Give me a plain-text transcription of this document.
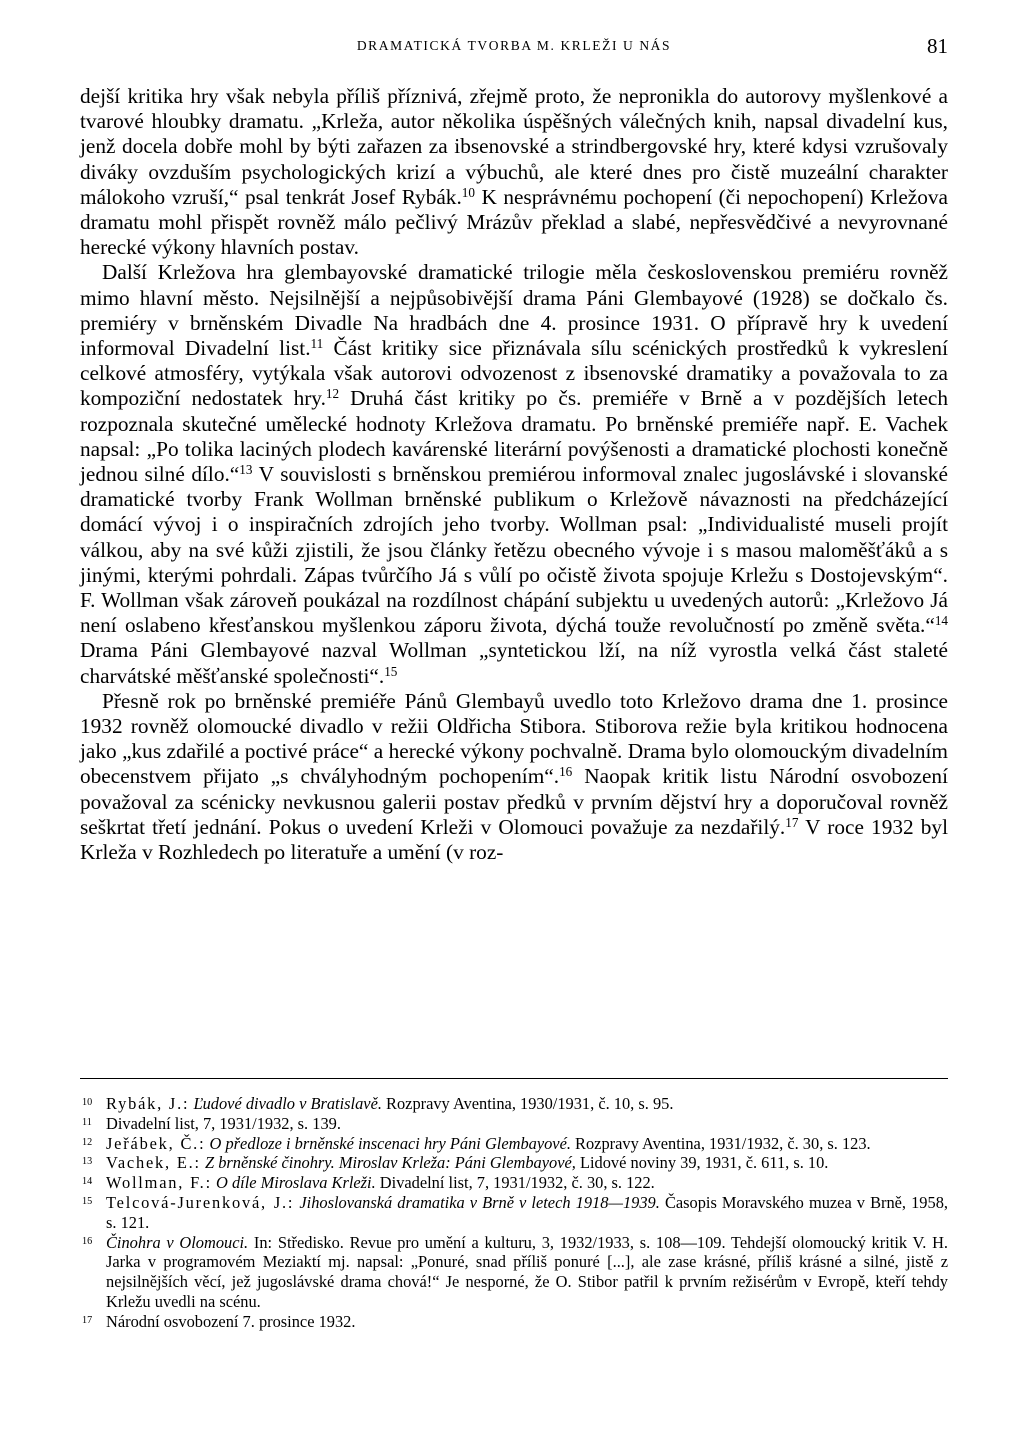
DRAMATICKÁ TVORBA M. KRLEŽI U NÁS	81

dejší kritika hry však nebyla příliš příznivá, zřejmě proto, že nepronikla do autorovy myšlenkové a tvarové hloubky dramatu. „Krleža, autor několika úspěšných válečných knih, napsal divadelní kus, jenž docela dobře mohl by býti zařazen za ibsenovské a strindbergovské hry, které kdysi vzrušovaly diváky ovzduším psychologických krizí a výbuchů, ale které dnes pro čistě muzeální charakter málokoho vzruší,“ psal tenkrát Josef Rybák.$^{10}$ K nesprávnému pochopení (či nepochopení) Krležova dramatu mohl přispět rovněž málo pečlivý Mrázův překlad a slabé, nepřesvědčivé a nevyrovnané herecké výkony hlavních postav.

Další Krležova hra glembayovské dramatické trilogie měla československou premiéru rovněž mimo hlavní město. Nejsilnější a nejpůsobivější drama Páni Glembayové (1928) se dočkalo čs. premiéry v brněnském Divadle Na hradbách dne 4. prosince 1931. O přípravě hry k uvedení informoval Divadelní list.$^{11}$ Část kritiky sice přiznávala sílu scénických prostředků k vykreslení celkové atmosféry, vytýkala však autorovi odvozenost z ibsenovské dramatiky a považovala to za kompoziční nedostatek hry.$^{12}$ Druhá část kritiky po čs. premiéře v Brně a v pozdějších letech rozpoznala skutečné umělecké hodnoty Krležova dramatu. Po brněnské premiéře např. E. Vachek napsal: „Po tolika laciných plodech kavárenské literární povýšenosti a dramatické plochosti konečně jednou silné dílo.“$^{13}$ V souvislosti s brněnskou premiérou informoval znalec jugoslávské i slovanské dramatické tvorby Frank Wollman brněnské publikum o Krležově návaznosti na předcházející domácí vývoj i o inspiračních zdrojích jeho tvorby. Wollman psal: „Individualisté museli projít válkou, aby na své kůži zjistili, že jsou články řetězu obecného vývoje i s masou maloměšťáků a s jinými, kterými pohrdali. Zápas tvůrčího Já s vůlí po očistě života spojuje Krležu s Dostojevským“. F. Wollman však zároveň poukázal na rozdílnost chápání subjektu u uvedených autorů: „Krležovo Já není oslabeno křesťanskou myšlenkou záporu života, dýchá touže revolučností po změně světa.“$^{14}$ Drama Páni Glembayové nazval Wollman „syntetickou lží, na níž vyrostla velká část staleté charvátské měšťanské společnosti“.$^{15}$

Přesně rok po brněnské premiéře Pánů Glembayů uvedlo toto Krležovo drama dne 1. prosince 1932 rovněž olomoucké divadlo v režii Oldřicha Stibora. Stiborova režie byla kritikou hodnocena jako „kus zdařilé a poctivé práce“ a herecké výkony pochvalně. Drama bylo olomouckým divadelním obecenstvem přijato „s chvályhodným pochopením“.$^{16}$ Naopak kritik listu Národní osvobození považoval za scénicky nevkusnou galerii postav předků v prvním dějství hry a doporučoval rovněž seškrtat třetí jednání. Pokus o uvedení Krleži v Olomouci považuje za nezdařilý.$^{17}$ V roce 1932 byl Krleža v Rozhledech po literatuře a umění (v roz-

$^{10}$ Rybák, J.: Ľudové divadlo v Bratislavě. Rozpravy Aventina, 1930/1931, č. 10, s. 95.

$^{11}$ Divadelní list, 7, 1931/1932, s. 139.

$^{12}$ Jeřábek, Č.: O předloze i brněnské inscenaci hry Páni Glembayové. Rozpravy Aventina, 1931/1932, č. 30, s. 123.

$^{13}$ Vachek, E.: Z brněnské činohry. Miroslav Krleža: Páni Glembayové, Lidové noviny 39, 1931, č. 611, s. 10.

$^{14}$ Wollman, F.: O díle Miroslava Krleži. Divadelní list, 7, 1931/1932, č. 30, s. 122.

$^{15}$ Telcová-Jurenková, J.: Jihoslovanská dramatika v Brně v letech 1918—1939. Časopis Moravského muzea v Brně, 1958, s. 121.

$^{16}$ Činohra v Olomouci. In: Středisko. Revue pro umění a kulturu, 3, 1932/1933, s. 108—109. Tehdejší olomoucký kritik V. H. Jarka v programovém Meziaktí mj. napsal: „Ponuré, snad příliš ponuré [...], ale zase krásné, příliš krásné a silné, jistě z nejsilnějších věcí, jež jugoslávské drama chová!“ Je nesporné, že O. Stibor patřil k prvním režisérům v Evropě, kteří tehdy Krležu uvedli na scénu.

$^{17}$ Národní osvobození 7. prosince 1932.
